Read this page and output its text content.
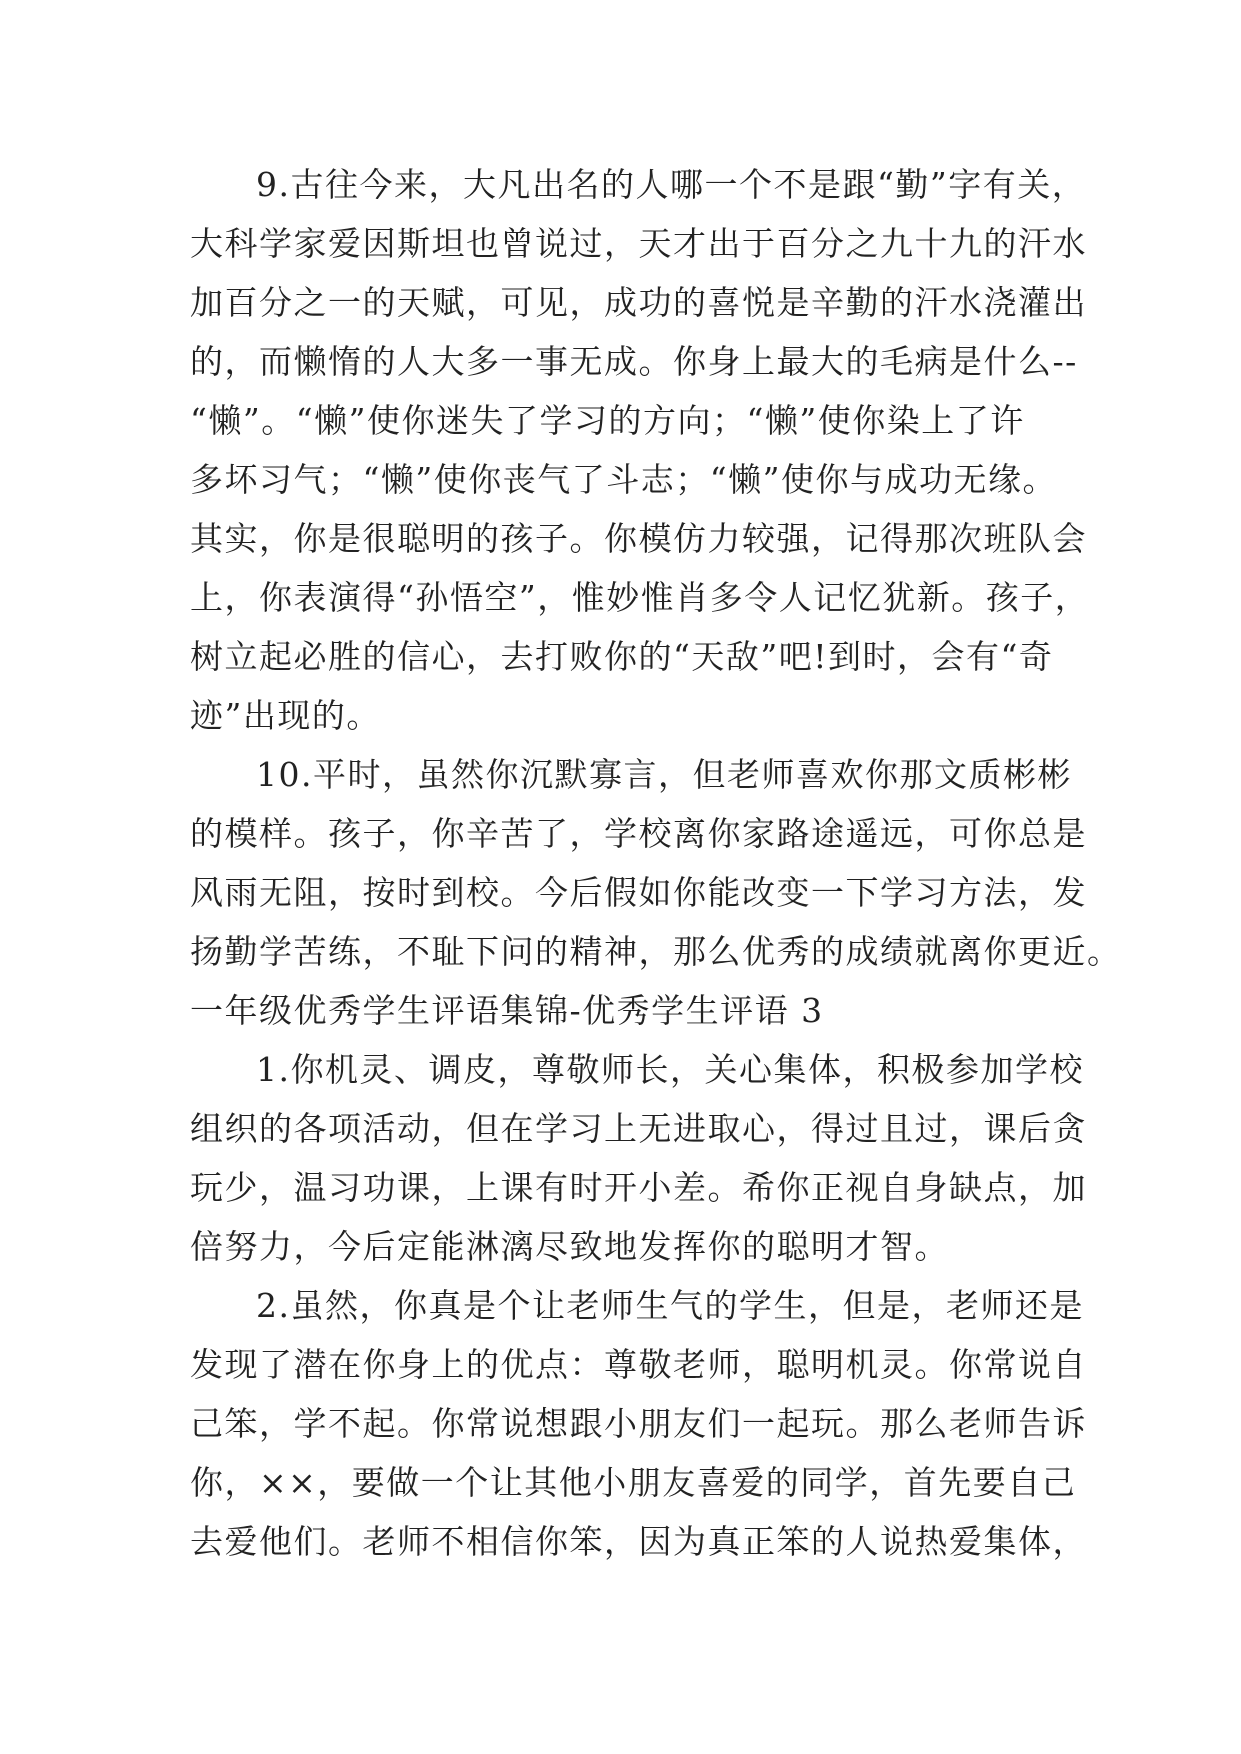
9.古往今来，大凡出名的人哪一个不是跟“勤”字有关，
大科学家爱因斯坦也曾说过，天才出于百分之九十九的汗水
加百分之一的天赋，可见，成功的喜悦是辛勤的汗水浇灌出
的，而懒惰的人大多一事无成。你身上最大的毛病是什么--
“懒”。“懒”使你迷失了学习的方向；“懒”使你染上了许
多坏习气；“懒”使你丧气了斗志；“懒”使你与成功无缘。
其实，你是很聪明的孩子。你模仿力较强，记得那次班队会
上，你表演得“孙悟空”，惟妙惟肖多令人记忆犹新。孩子，
树立起必胜的信心，去打败你的“天敌”吧!到时，会有“奇
迹”出现的。
10.平时，虽然你沉默寡言，但老师喜欢你那文质彬彬
的模样。孩子，你辛苦了，学校离你家路途遥远，可你总是
风雨无阻，按时到校。今后假如你能改变一下学习方法，发
扬勤学苦练，不耻下问的精神，那么优秀的成绩就离你更近。
一年级优秀学生评语集锦-优秀学生评语 3
1.你机灵、调皮，尊敬师长，关心集体，积极参加学校
组织的各项活动，但在学习上无进取心，得过且过，课后贪
玩少，温习功课，上课有时开小差。希你正视自身缺点，加
倍努力，今后定能淋漓尽致地发挥你的聪明才智。
2.虽然，你真是个让老师生气的学生，但是，老师还是
发现了潜在你身上的优点：尊敬老师，聪明机灵。你常说自
己笨，学不起。你常说想跟小朋友们一起玩。那么老师告诉
你，××，要做一个让其他小朋友喜爱的同学，首先要自己
去爱他们。老师不相信你笨，因为真正笨的人说热爱集体，
